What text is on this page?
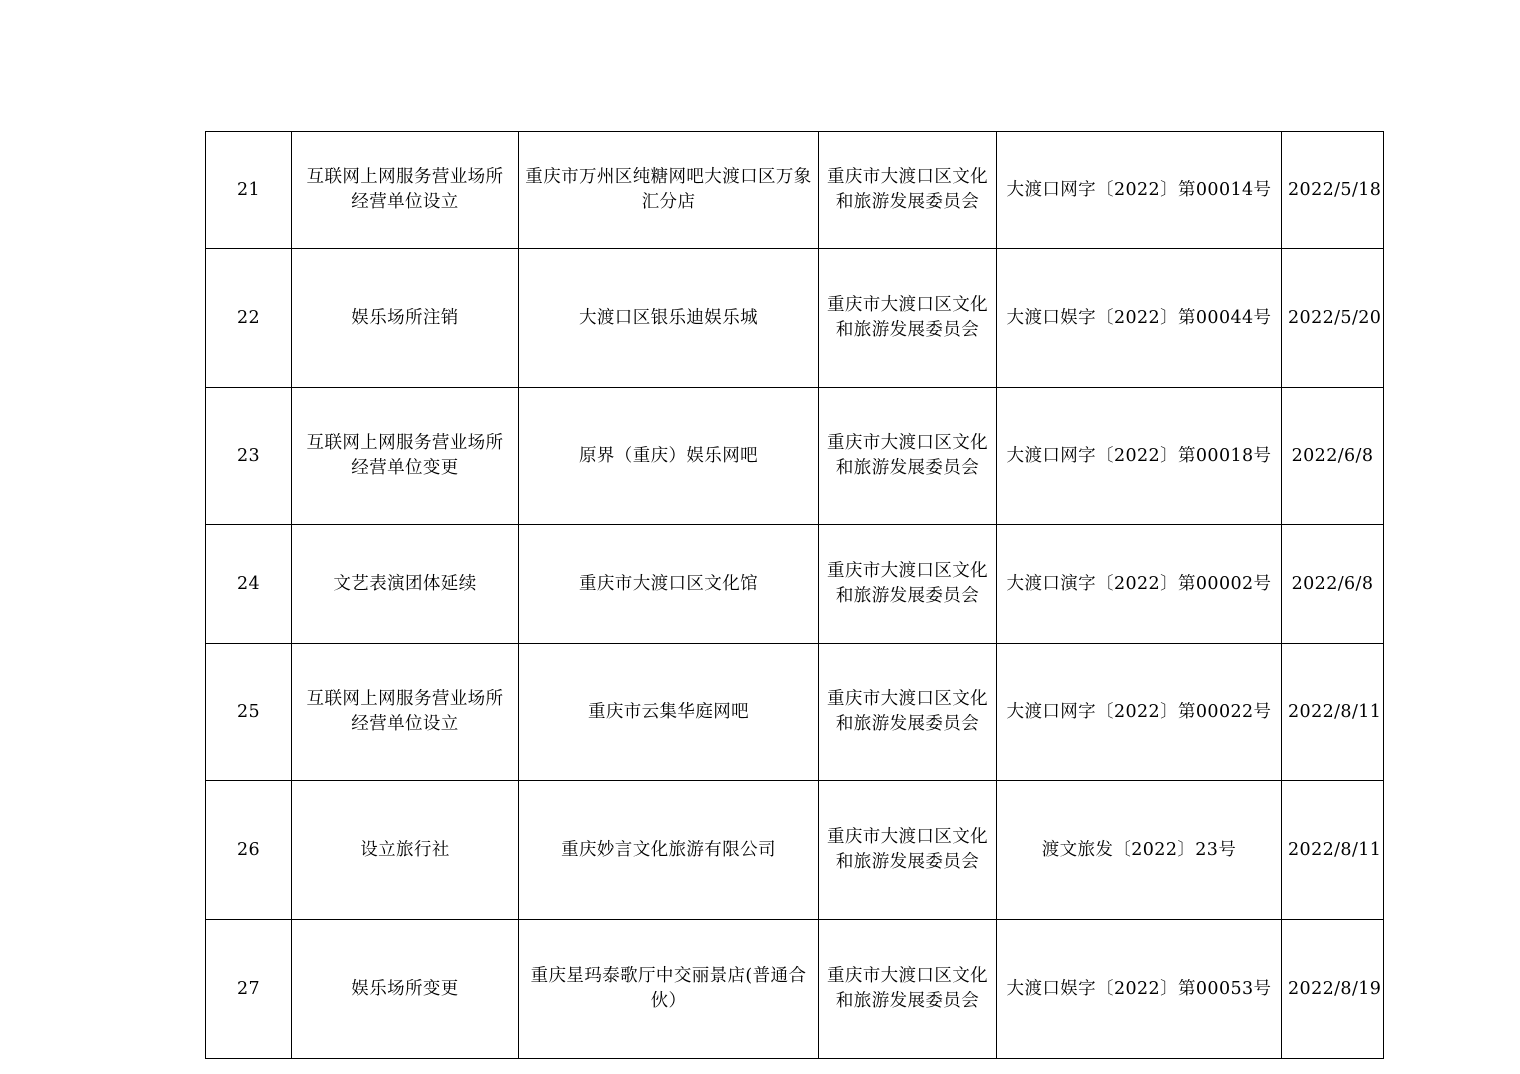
21	互联网上网服务营业场所经营单位设立	重庆市万州区纯糖网吧大渡口区万象汇分店	重庆市大渡口区文化和旅游发展委员会	大渡口网字〔2022〕第00014号	2022/5/18
22	娱乐场所注销	大渡口区银乐迪娱乐城	重庆市大渡口区文化和旅游发展委员会	大渡口娱字〔2022〕第00044号	2022/5/20
23	互联网上网服务营业场所经营单位变更	原界（重庆）娱乐网吧	重庆市大渡口区文化和旅游发展委员会	大渡口网字〔2022〕第00018号	2022/6/8
24	文艺表演团体延续	重庆市大渡口区文化馆	重庆市大渡口区文化和旅游发展委员会	大渡口演字〔2022〕第00002号	2022/6/8
25	互联网上网服务营业场所经营单位设立	重庆市云集华庭网吧	重庆市大渡口区文化和旅游发展委员会	大渡口网字〔2022〕第00022号	2022/8/11
26	设立旅行社	重庆妙言文化旅游有限公司	重庆市大渡口区文化和旅游发展委员会	渡文旅发〔2022〕23号	2022/8/11
27	娱乐场所变更	重庆星玛泰歌厅中交丽景店(普通合伙）	重庆市大渡口区文化和旅游发展委员会	大渡口娱字〔2022〕第00053号	2022/8/19
